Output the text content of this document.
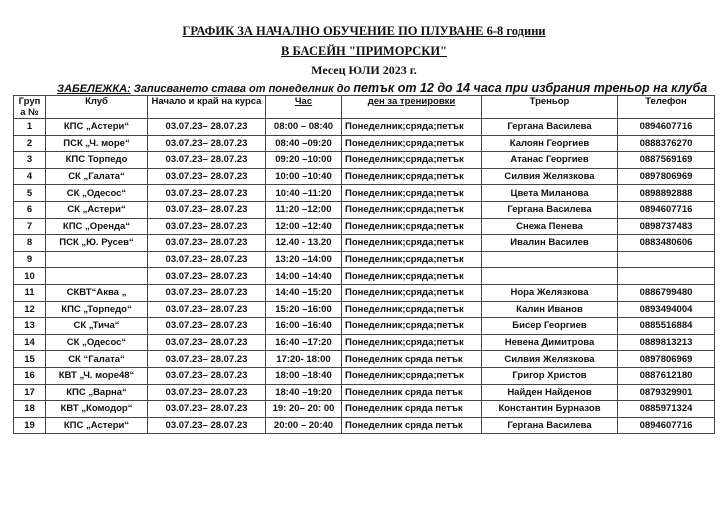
ГРАФИК ЗА НАЧАЛНО ОБУЧЕНИЕ ПО ПЛУВАНЕ 6-8 години
В БАСЕЙН "ПРИМОРСКИ"
Месец ЮЛИ 2023 г.
ЗАБЕЛЕЖКА: Записването става от понеделник до петък от 12 до 14 часа при избрания треньор на клуба
Груп а №	Клуб	Начало и край на курса	Час	ден за тренировки	Треньор	Телефон
1	КПС „Астери“	03.07.23– 28.07.23	08:00 – 08:40	Понеделник;сряда;петък	Гергана Василева	0894607716
2	ПСК „Ч. море“	03.07.23– 28.07.23	08:40 –09:20	Понеделник;сряда;петък	Калоян Георгиев	0888376270
3	КПС Торпедо	03.07.23– 28.07.23	09:20 –10:00	Понеделник;сряда;петък	Атанас Георгиев	0887569169
4	СК „Галата“	03.07.23– 28.07.23	10:00 –10:40	Понеделник;сряда;петък	Силвия Желязкова	0897806969
5	СК „Одесос“	03.07.23– 28.07.23	10:40 –11:20	Понеделник;сряда;петък	Цвета Миланова	0898892888
6	СК „Астери“	03.07.23– 28.07.23	11:20 –12:00	Понеделник;сряда;петък	Гергана Василева	0894607716
7	КПС „Оренда“	03.07.23– 28.07.23	12:00 –12:40	Понеделник;сряда;петък	Снежа Пенева	0898737483
8	ПСК „Ю. Русев“	03.07.23– 28.07.23	12.40 - 13.20	Понеделник;сряда;петък	Ивалин Василев	0883480606
9		03.07.23– 28.07.23	13:20 –14:00	Понеделник;сряда;петък		
10		03.07.23– 28.07.23	14:00 –14:40	Понеделник;сряда;петък		
11	СКВТ“Аква „	03.07.23– 28.07.23	14:40 –15:20	Понеделник;сряда;петък	Нора Желязкова	0886799480
12	КПС „Торпедо“	03.07.23– 28.07.23	15:20 –16:00	Понеделник;сряда;петък	Калин Иванов	0893494004
13	СК „Тича“	03.07.23– 28.07.23	16:00 –16:40	Понеделник;сряда;петък	Бисер Георгиев	0885516884
14	СК „Одесос“	03.07.23– 28.07.23	16:40 –17:20	Понеделник;сряда;петък	Невена Димитрова	0889813213
15	СК “Галата“	03.07.23– 28.07.23	17:20- 18:00	Понеделник сряда петък	Силвия Желязкова	0897806969
16	КВТ „Ч. море48“	03.07.23– 28.07.23	18:00 –18:40	Понеделник;сряда;петък	Григор Христов	0887612180
17	КПС „Варна“	03.07.23– 28.07.23	18:40 –19:20	Понеделник сряда петък	Найден Найденов	0879329901
18	КВТ „Комодор“	03.07.23– 28.07.23	19: 20– 20: 00	Понеделник сряда петък	Константин Бурназов	0885971324
19	КПС „Астери“	03.07.23– 28.07.23	20:00 – 20:40	Понеделник сряда петък	Гергана Василева	0894607716
